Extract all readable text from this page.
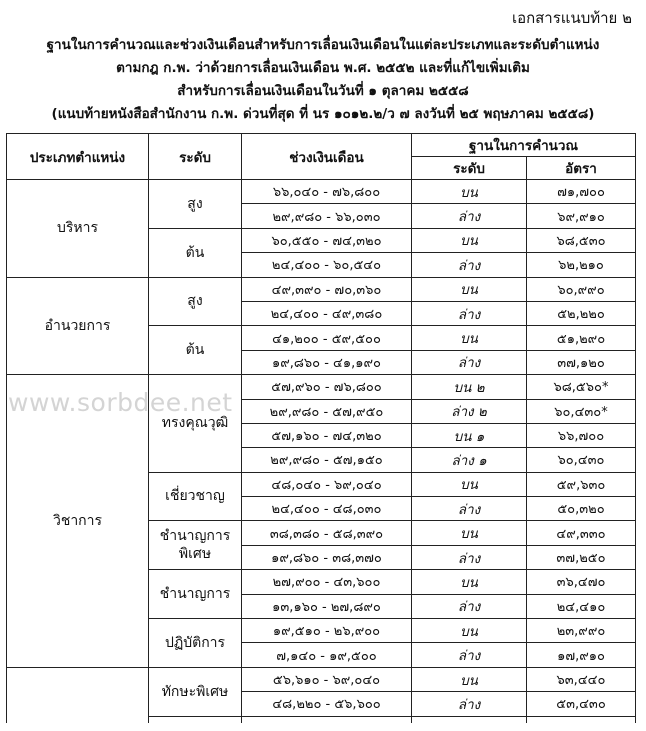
เอกสารแนบท้าย ๒
ฐานในการคำนวณและช่วงเงินเดือนสำหรับการเลื่อนเงินเดือนในแต่ละประเภทและระดับตำแหน่ง
ตามกฎ ก.พ. ว่าด้วยการเลื่อนเงินเดือน พ.ศ. ๒๕๕๒ และที่แก้ไขเพิ่มเติม
สำหรับการเลื่อนเงินเดือนในวันที่ ๑ ตุลาคม ๒๕๕๘
(แนบท้ายหนังสือสำนักงาน ก.พ. ด่วนที่สุด ที่ นร ๑๐๑๒.๒/ว ๗ ลงวันที่ ๒๕ พฤษภาคม ๒๕๕๘)
www.sorbdee.net
ประเภทตำแหน่ง	ระดับ	ช่วงเงินเดือน	ฐานในการคำนวณ	
			ระดับ	อัตรา
บริหาร	สูง	๖๖,๐๔๐ - ๗๖,๘๐๐	บน	๗๑,๗๐๐
		๒๙,๙๘๐ - ๖๖,๐๓๐	ล่าง	๖๙,๙๑๐
	ต้น	๖๐,๕๕๐ - ๗๔,๓๒๐	บน	๖๘,๕๓๐
		๒๔,๔๐๐ - ๖๐,๕๔๐	ล่าง	๖๒,๒๑๐
อำนวยการ	สูง	๔๙,๓๙๐ - ๗๐,๓๖๐	บน	๖๐,๙๙๐
		๒๔,๔๐๐ - ๔๙,๓๘๐	ล่าง	๕๒,๒๒๐
	ต้น	๔๑,๒๐๐ - ๕๙,๕๐๐	บน	๕๑,๒๙๐
		๑๙,๘๖๐ - ๔๑,๑๙๐	ล่าง	๓๗,๑๒๐
วิชาการ	ทรงคุณวุฒิ	๕๗,๙๖๐ - ๗๖,๘๐๐	บน ๒	๖๘,๕๖๐*
		๒๙,๙๘๐ - ๕๗,๙๕๐	ล่าง ๒	๖๐,๔๓๐*
		๕๗,๑๖๐ - ๗๔,๓๒๐	บน ๑	๖๖,๗๐๐
		๒๙,๙๘๐ - ๕๗,๑๕๐	ล่าง ๑	๖๐,๔๓๐
	เชี่ยวชาญ	๔๘,๐๔๐ - ๖๙,๐๔๐	บน	๕๙,๖๓๐
		๒๔,๔๐๐ - ๔๘,๐๓๐	ล่าง	๕๐,๓๒๐
	ชำนาญการพิเศษ	๓๘,๓๘๐ - ๕๘,๓๙๐	บน	๔๙,๓๓๐
		๑๙,๘๖๐ - ๓๘,๓๗๐	ล่าง	๓๗,๒๕๐
	ชำนาญการ	๒๗,๙๐๐ - ๔๓,๖๐๐	บน	๓๖,๔๗๐
		๑๓,๑๖๐ - ๒๗,๘๙๐	ล่าง	๒๔,๔๑๐
	ปฏิบัติการ	๑๙,๕๑๐ - ๒๖,๙๐๐	บน	๒๓,๙๙๐
		๗,๑๔๐ - ๑๙,๕๐๐	ล่าง	๑๗,๙๑๐
	ทักษะพิเศษ	๕๖,๖๑๐ - ๖๙,๐๔๐	บน	๖๓,๔๔๐
		๔๘,๒๒๐ - ๕๖,๖๐๐	ล่าง	๕๓,๔๓๐
